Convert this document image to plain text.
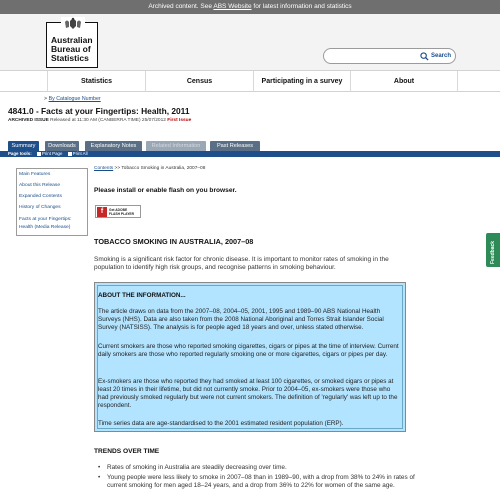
Archived content. See ABS Website for latest information and statistics
Australian
Bureau of
Statistics	Search
Statistics	Census	Participating in a survey	About
> By Catalogue Number
4841.0 - Facts at your Fingertips: Health, 2011
ARCHIVED ISSUE Released at 11:30 AM (CANBERRA TIME) 25/07/2012 First Issue
Summary	Downloads	Explanatory Notes	Related Information	Past Releases
Page tools: Print Page Print All
Main Features
About this Release
Expanded Contents
History of Changes
Facts at your Fingertips:
Health (Media Release)
Contents >> Tobacco Smoking in Australia, 2007–08
Please install or enable flash on you browser.
f	Get ADOBE
FLASH PLAYER
TOBACCO SMOKING IN AUSTRALIA, 2007–08
Smoking is a significant risk factor for chronic disease. It is important to monitor rates of smoking in the population to identify high risk groups, and recognise patterns in smoking behaviour.
ABOUT THE INFORMATION...
The article draws on data from the 2007–08, 2004–05, 2001, 1995 and 1989–90 ABS National Health Surveys (NHS). Data are also taken from the 2008 National Aboriginal and Torres Strait Islander Social Survey (NATSISS). The analysis is for people aged 18 years and over, unless stated otherwise.
Current smokers are those who reported smoking cigarettes, cigars or pipes at the time of interview. Current daily smokers are those who reported regularly smoking one or more cigarettes, cigars or pipes per day.
Ex-smokers are those who reported they had smoked at least 100 cigarettes, or smoked cigars or pipes at least 20 times in their lifetime, but did not currently smoke. Prior to 2004–05, ex-smokers were those who had previously smoked regularly but were not current smokers. The definition of 'regularly' was left up to the respondent.
Time series data are age-standardised to the 2001 estimated resident population (ERP).
TRENDS OVER TIME
• Rates of smoking in Australia are steadily decreasing over time.
• Young people were less likely to smoke in 2007–08 than in 1989–90, with a drop from 38% to 24% in rates of current smoking for men aged 18–24 years, and a drop from 36% to 22% for women of the same age.
Feedback
